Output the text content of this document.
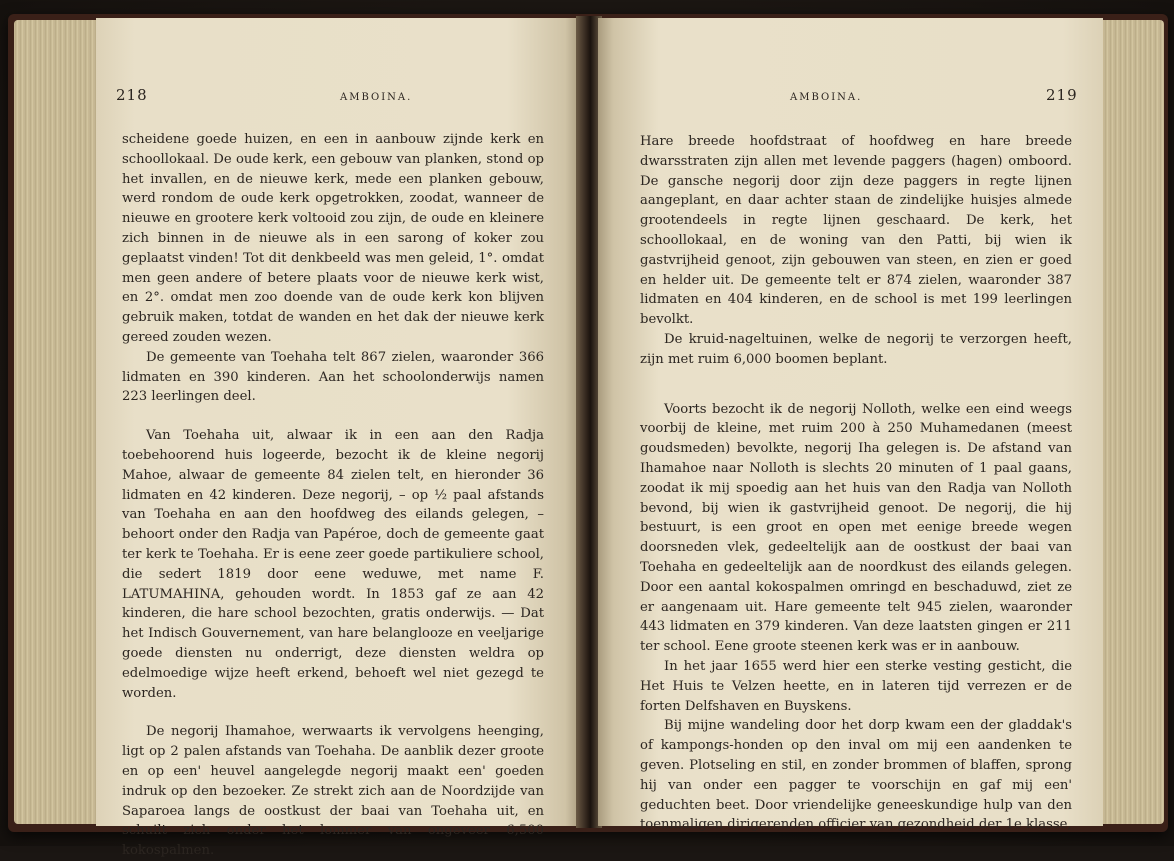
218	AMBOINA.

scheidene goede huizen, en een in aanbouw zijnde kerk en schoollokaal. De oude kerk, een gebouw van planken, stond op het invallen, en de nieuwe kerk, mede een planken gebouw, werd rondom de oude kerk opgetrokken, zoodat, wanneer de nieuwe en grootere kerk voltooid zou zijn, de oude en kleinere zich binnen in de nieuwe als in een sarong of koker zou geplaatst vinden! Tot dit denkbeeld was men geleid, 1°. omdat men geen andere of betere plaats voor de nieuwe kerk wist, en 2°. omdat men zoo doende van de oude kerk kon blijven gebruik maken, totdat de wanden en het dak der nieuwe kerk gereed zouden wezen.

De gemeente van Toehaha telt 867 zielen, waaronder 366 lidmaten en 390 kinderen. Aan het schoolonderwijs namen 223 leerlingen deel.

Van Toehaha uit, alwaar ik in een aan den Radja toebehoorend huis logeerde, bezocht ik de kleine negorij Mahoe, alwaar de gemeente 84 zielen telt, en hieronder 36 lidmaten en 42 kinderen. Deze negorij, – op ½ paal afstands van Toehaha en aan den hoofdweg des eilands gelegen, – behoort onder den Radja van Papéroe, doch de gemeente gaat ter kerk te Toehaha. Er is eene zeer goede partikuliere school, die sedert 1819 door eene weduwe, met name F. LATUMAHINA, gehouden wordt. In 1853 gaf ze aan 42 kinderen, die hare school bezochten, gratis onderwijs. — Dat het Indisch Gouvernement, van hare belanglooze en veeljarige goede diensten nu onderrigt, deze diensten weldra op edelmoedige wijze heeft erkend, behoeft wel niet gezegd te worden.

De negorij Ihamahoe, werwaarts ik vervolgens heenging, ligt op 2 palen afstands van Toehaha. De aanblik dezer groote en op een' heuvel aangelegde negorij maakt een' goeden indruk op den bezoeker. Ze strekt zich aan de Noordzijde van Saparoea langs de oostkust der baai van Toehaha uit, en schuilt zich onder het lommer van ongeveer 6,500 kokospalmen.

AMBOINA.	219

Hare breede hoofdstraat of hoofdweg en hare breede dwarsstraten zijn allen met levende paggers (hagen) omboord. De gansche negorij door zijn deze paggers in regte lijnen aangeplant, en daar achter staan de zindelijke huisjes almede grootendeels in regte lijnen geschaard. De kerk, het schoollokaal, en de woning van den Patti, bij wien ik gastvrijheid genoot, zijn gebouwen van steen, en zien er goed en helder uit. De gemeente telt er 874 zielen, waaronder 387 lidmaten en 404 kinderen, en de school is met 199 leerlingen bevolkt.

De kruid-nageltuinen, welke de negorij te verzorgen heeft, zijn met ruim 6,000 boomen beplant.

Voorts bezocht ik de negorij Nolloth, welke een eind weegs voorbij de kleine, met ruim 200 à 250 Muhamedanen (meest goudsmeden) bevolkte, negorij Iha gelegen is. De afstand van Ihamahoe naar Nolloth is slechts 20 minuten of 1 paal gaans, zoodat ik mij spoedig aan het huis van den Radja van Nolloth bevond, bij wien ik gastvrijheid genoot. De negorij, die hij bestuurt, is een groot en open met eenige breede wegen doorsneden vlek, gedeeltelijk aan de oostkust der baai van Toehaha en gedeeltelijk aan de noordkust des eilands gelegen. Door een aantal kokospalmen omringd en beschaduwd, ziet ze er aangenaam uit. Hare gemeente telt 945 zielen, waaronder 443 lidmaten en 379 kinderen. Van deze laatsten gingen er 211 ter school. Eene groote steenen kerk was er in aanbouw.

In het jaar 1655 werd hier een sterke vesting gesticht, die Het Huis te Velzen heette, en in lateren tijd verrezen er de forten Delfshaven en Buyskens.

Bij mijne wandeling door het dorp kwam een der gladdak's of kampongs-honden op den inval om mij een aandenken te geven. Plotseling en stil, en zonder brommen of blaffen, sprong hij van onder een pagger te voorschijn en gaf mij een' geduchten beet. Door vriendelijke geneeskundige hulp van den toenmaligen dirigerenden officier van gezondheid der 1e klasse,
